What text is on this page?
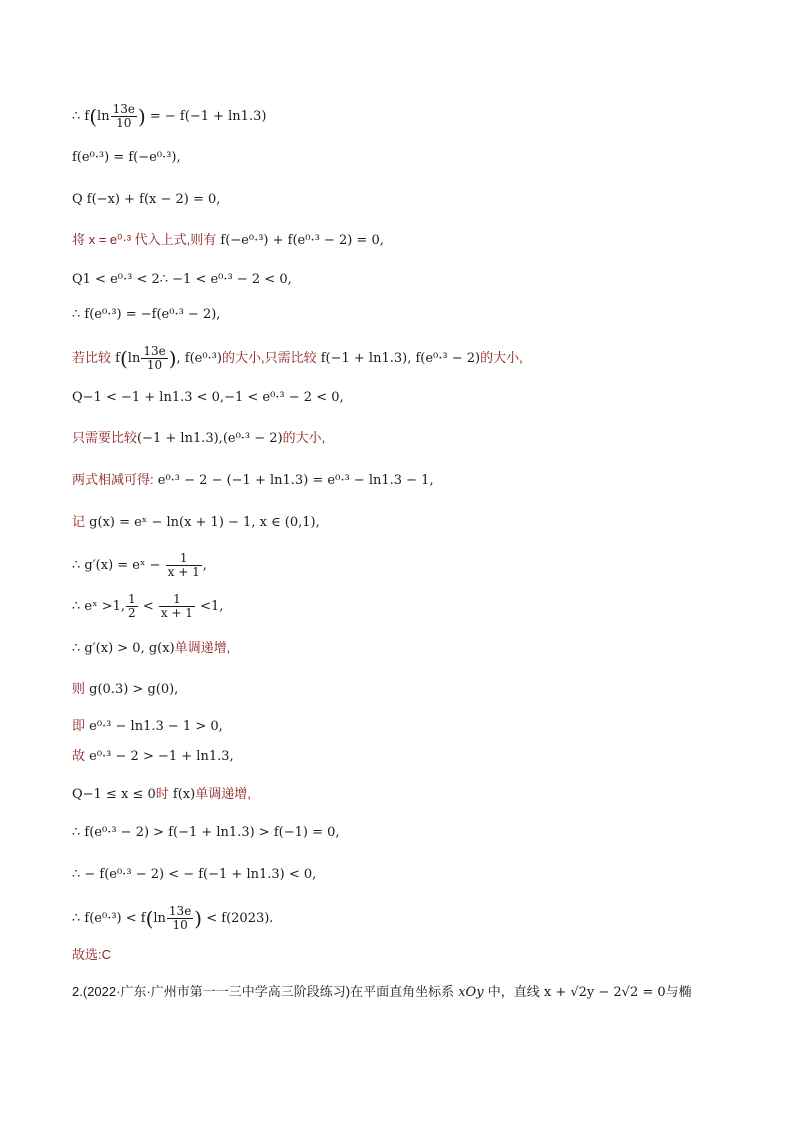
∴ $f(\ln \frac{13e}{10}$ ) = − f(−1 + ln1.3)
f(e⁰·³) = f(−e⁰·³),
Q f(−x) + f(x − 2) = 0,
将 x = e⁰·³ 代入上式,则有 f(−e⁰·³) + f(e⁰·³ − 2) = 0,
Q1 < e⁰·³ < 2∴ −1 < e⁰·³ − 2 < 0,
∴ f(e⁰·³) = −f(e⁰·³ − 2),
若比较 $f(\ln \frac{13e}{10}$ ), f(e⁰·³)的大小,只需比较 f(−1 + ln1.3), f(e⁰·³ − 2)的大小,
Q−1 < −1 + ln1.3 < 0,−1 < e⁰·³ − 2 < 0,
只需要比较(−1 + ln1.3),(e⁰·³ − 2)的大小,
两式相减可得: e⁰·³ − 2 − (−1 + ln1.3) = e⁰·³ − ln1.3 − 1,
记 g(x) = eˣ − ln(x + 1) − 1, x ∈ (0,1),
∴ g′(x) = eˣ − $\frac{1}{x + 1}$ ,
∴ eˣ >1, $\frac{1}{2} < \frac{1}{x + 1} <1$,
∴ g′(x) > 0, g(x)单调递增,
则 g(0.3) > g(0),
即 e⁰·³ − ln1.3 − 1 > 0,
故 e⁰·³ − 2 > −1 + ln1.3,
Q−1 ≤ x ≤ 0时 f(x)单调递增,
∴ f(e⁰·³ − 2) > f(−1 + ln1.3) > f(−1) = 0,
∴ − f(e⁰·³ − 2) < − f(−1 + ln1.3) < 0,
∴ $f(e^0\cdot^3) < f(\ln \frac{13e}{10}$ ) < f(2023).
故选:C
2.(2022·广东·广州市第一一三中学高三阶段练习)在平面直角坐标系 xOy 中，直线 x + √2y − 2√2 = 0与椭
